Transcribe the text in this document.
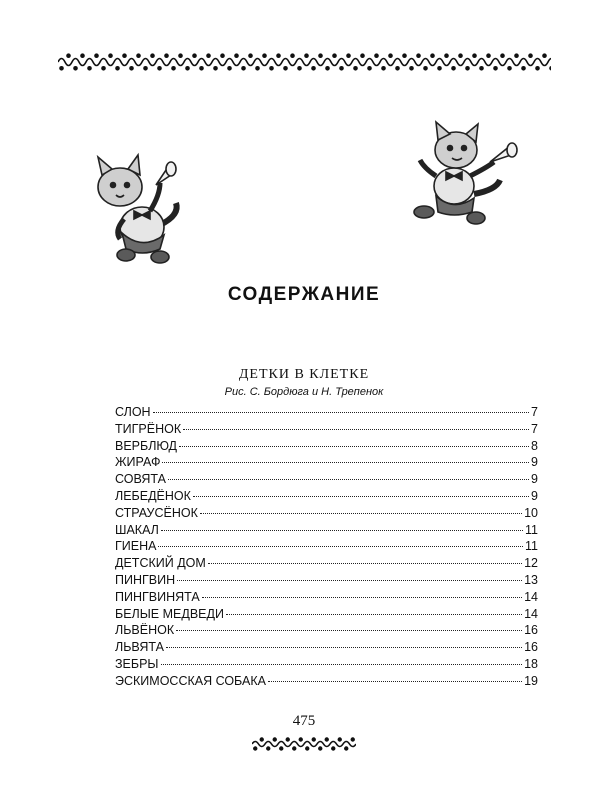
СОДЕРЖАНИЕ
ДЕТКИ В КЛЕТКЕ
Рис. С. Бордюга и Н. Трепенок
СЛОН	7
ТИГРЁНОК	7
ВЕРБЛЮД	8
ЖИРАФ	9
СОВЯТА	9
ЛЕБЕДЁНОК	9
СТРАУСЁНОК	10
ШАКАЛ	11
ГИЕНА	11
ДЕТСКИЙ ДОМ	12
ПИНГВИН	13
ПИНГВИНЯТА	14
БЕЛЫЕ МЕДВЕДИ	14
ЛЬВЁНОК	16
ЛЬВЯТА	16
ЗЕБРЫ	18
ЭСКИМОССКАЯ СОБАКА	19
475
